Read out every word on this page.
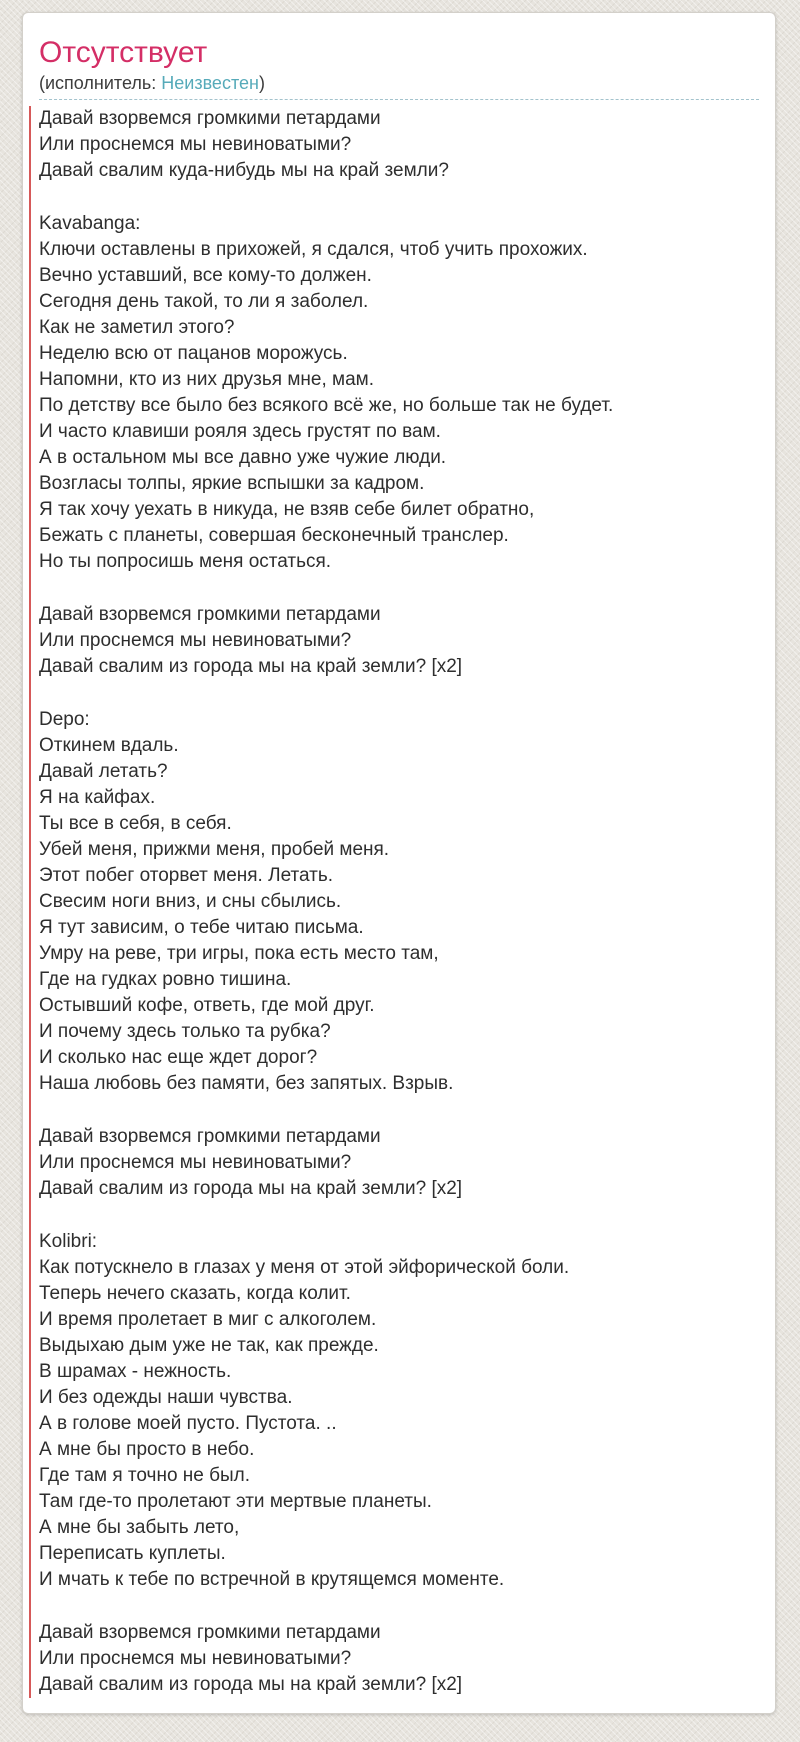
Отсутствует
(исполнитель: Неизвестен)
Давай взорвемся громкими петардами
Или проснемся мы невиноватыми?
Давай свалим куда-нибудь мы на край земли?
Kavabanga:
Ключи оставлены в прихожей, я сдался, чтоб учить прохожих.
Вечно уставший, все кому-то должен.
Сегодня день такой, то ли я заболел.
Как не заметил этого?
Неделю всю от пацанов морожусь.
Напомни, кто из них друзья мне, мам.
По детству все было без всякого всё же, но больше так не будет.
И часто клавиши рояля здесь грустят по вам.
А в остальном мы все давно уже чужие люди.
Возгласы толпы, яркие вспышки за кадром.
Я так хочу уехать в никуда, не взяв себе билет обратно,
Бежать с планеты, совершая бесконечный транслер.
Но ты попросишь меня остаться.
Давай взорвемся громкими петардами
Или проснемся мы невиноватыми?
Давай свалим из города мы на край земли? [x2]
Depo:
Откинем вдаль.
Давай летать?
Я на кайфах.
Ты все в себя, в себя.
Убей меня, прижми меня, пробей меня.
Этот побег оторвет меня. Летать.
Свесим ноги вниз, и сны сбылись.
Я тут зависим, о тебе читаю письма.
Умру на реве, три игры, пока есть место там,
Где на гудках ровно тишина.
Остывший кофе, ответь, где мой друг.
И почему здесь только та рубка?
И сколько нас еще ждет дорог?
Наша любовь без памяти, без запятых. Взрыв.
Давай взорвемся громкими петардами
Или проснемся мы невиноватыми?
Давай свалим из города мы на край земли? [x2]
Kolibri:
Как потускнело в глазах у меня от этой эйфорической боли.
Теперь нечего сказать, когда колит.
И время пролетает в миг с алкоголем.
Выдыхаю дым уже не так, как прежде.
В шрамах - нежность.
И без одежды наши чувства.
А в голове моей пусто. Пустота. ..
А мне бы просто в небо.
Где там я точно не был.
Там где-то пролетают эти мертвые планеты.
А мне бы забыть лето,
Переписать куплеты.
И мчать к тебе по встречной в крутящемся моменте.
Давай взорвемся громкими петардами
Или проснемся мы невиноватыми?
Давай свалим из города мы на край земли? [x2]
